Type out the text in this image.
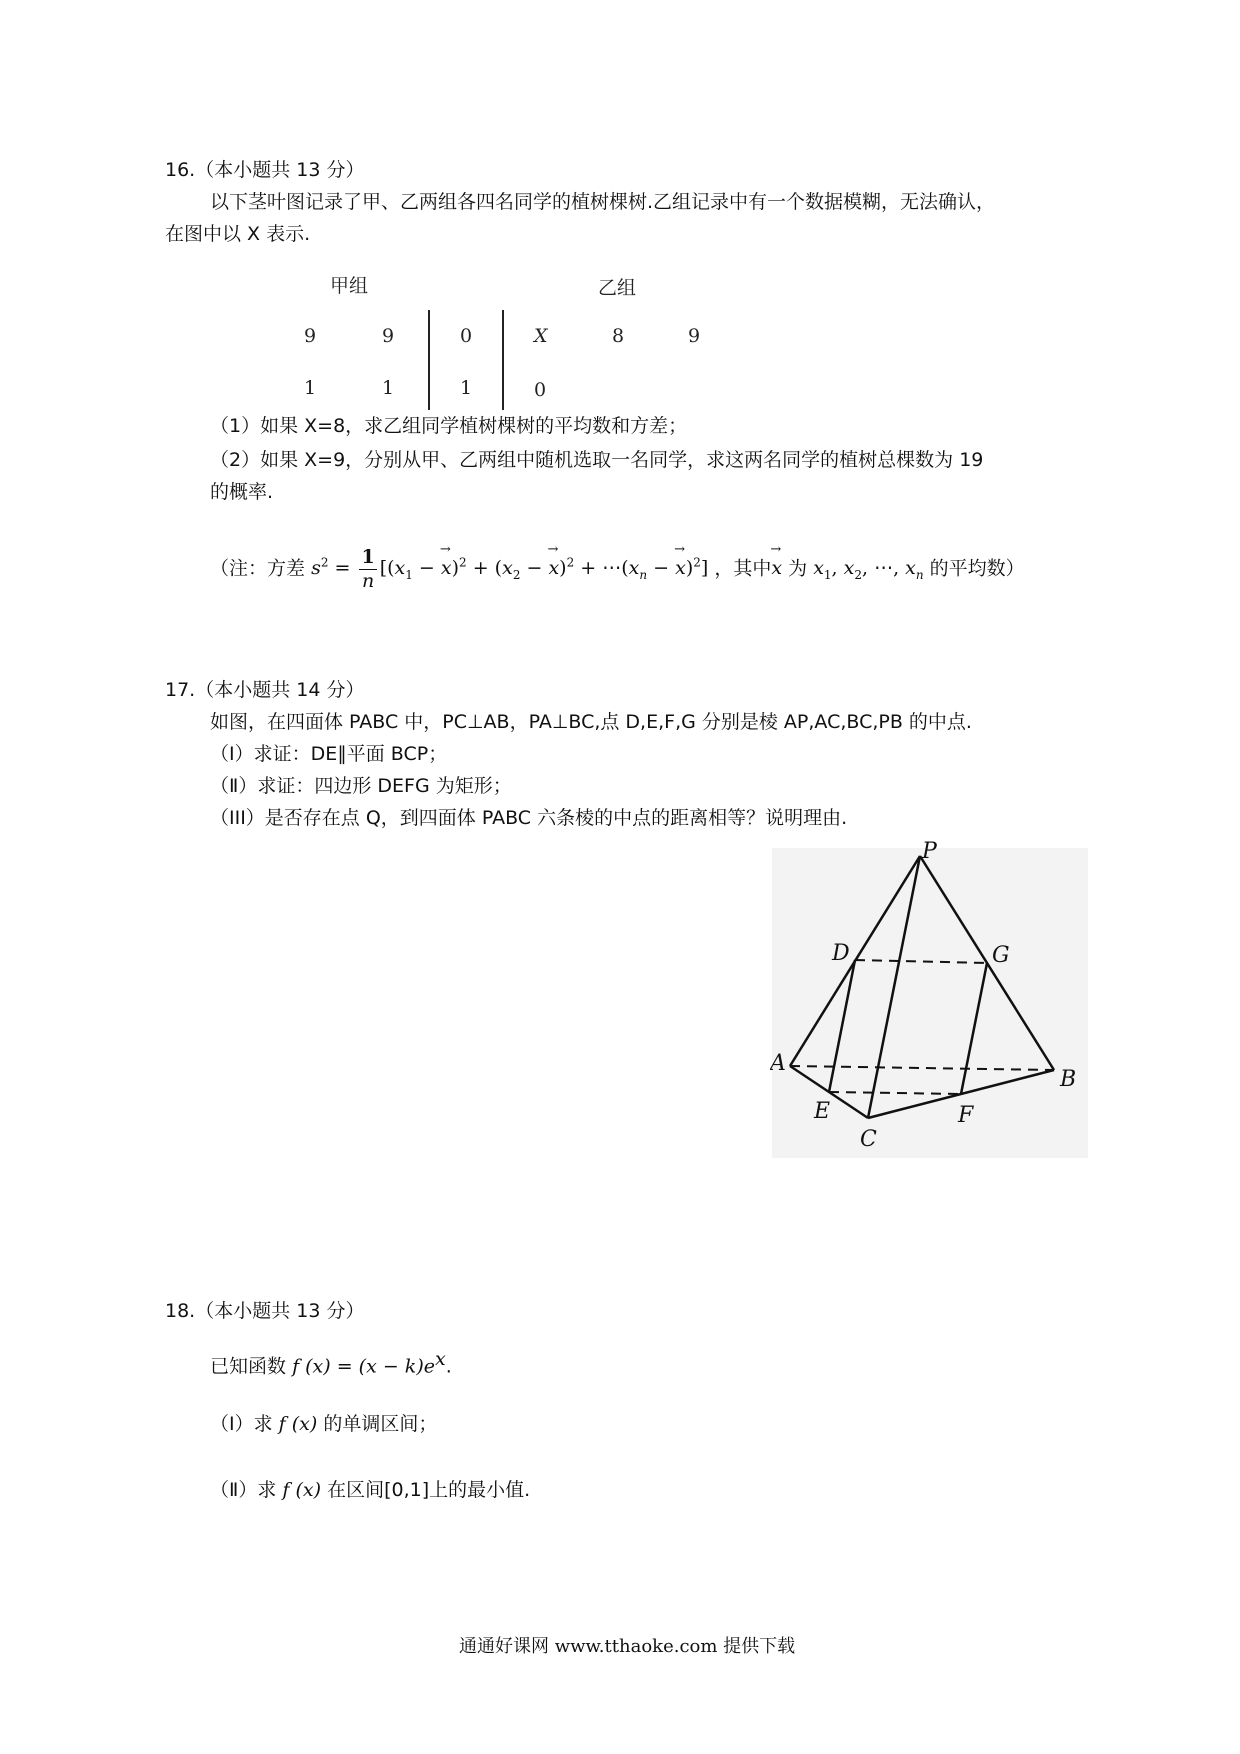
16.（本小题共 13 分）
以下茎叶图记录了甲、乙两组各四名同学的植树棵树.乙组记录中有一个数据模糊，无法确认，
在图中以 X 表示.
甲组	乙组
9	9	0	X	8	9
1	1	1	0
（1）如果 X=8，求乙组同学植树棵树的平均数和方差；
（2）如果 X=9，分别从甲、乙两组中随机选取一名同学，求这两名同学的植树总棵数为 19
的概率.
（注：方差 $s^2 = \frac{1}{n} [(x_1$ − → $x)^2 + (x_2$ − → $x)^2 + \cdots(x_n$ − → x)$^2$] ，其中→ x 为 $x_1$, $x_2$, ⋯, $x_n$ 的平均数）
17.（本小题共 14 分）
如图，在四面体 PABC 中，PC⊥AB，PA⊥BC,点 D,E,F,G 分别是棱 AP,AC,BC,PB 的中点.
（Ⅰ）求证：DE∥平面 BCP；
（Ⅱ）求证：四边形 DEFG 为矩形；
（III）是否存在点 Q，到四面体 PABC 六条棱的中点的距离相等？说明理由.
P
D	G
A
B
E	F
C
18.（本小题共 13 分）
已知函数 f $(x) = (x - k)e^x$.
（Ⅰ）求 f (x) 的单调区间；
（Ⅱ）求 f (x) 在区间[0,1]上的最小值.
通通好课网 www.tthaoke.com 提供下载
